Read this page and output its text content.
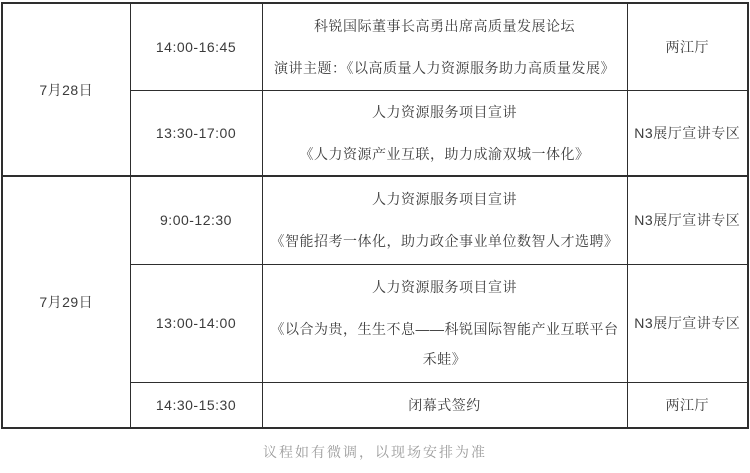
7月28日	14:00-16:45	科锐国际董事长高勇出席高质量发展论坛
演讲主题：《以高质量人力资源服务助力高质量发展》	两江厅
	13:30-17:00	人力资源服务项目宣讲
《人力资源产业互联，助力成渝双城一体化》	N3展厅宣讲专区
7月29日	9:00-12:30	人力资源服务项目宣讲
《智能招考一体化，助力政企事业单位数智人才选聘》	N3展厅宣讲专区
	13:00-14:00	人力资源服务项目宣讲
《以合为贵，生生不息——科锐国际智能产业互联平台禾蛙》	N3展厅宣讲专区
	14:30-15:30	闭幕式签约	两江厅
议程如有微调，以现场安排为准
